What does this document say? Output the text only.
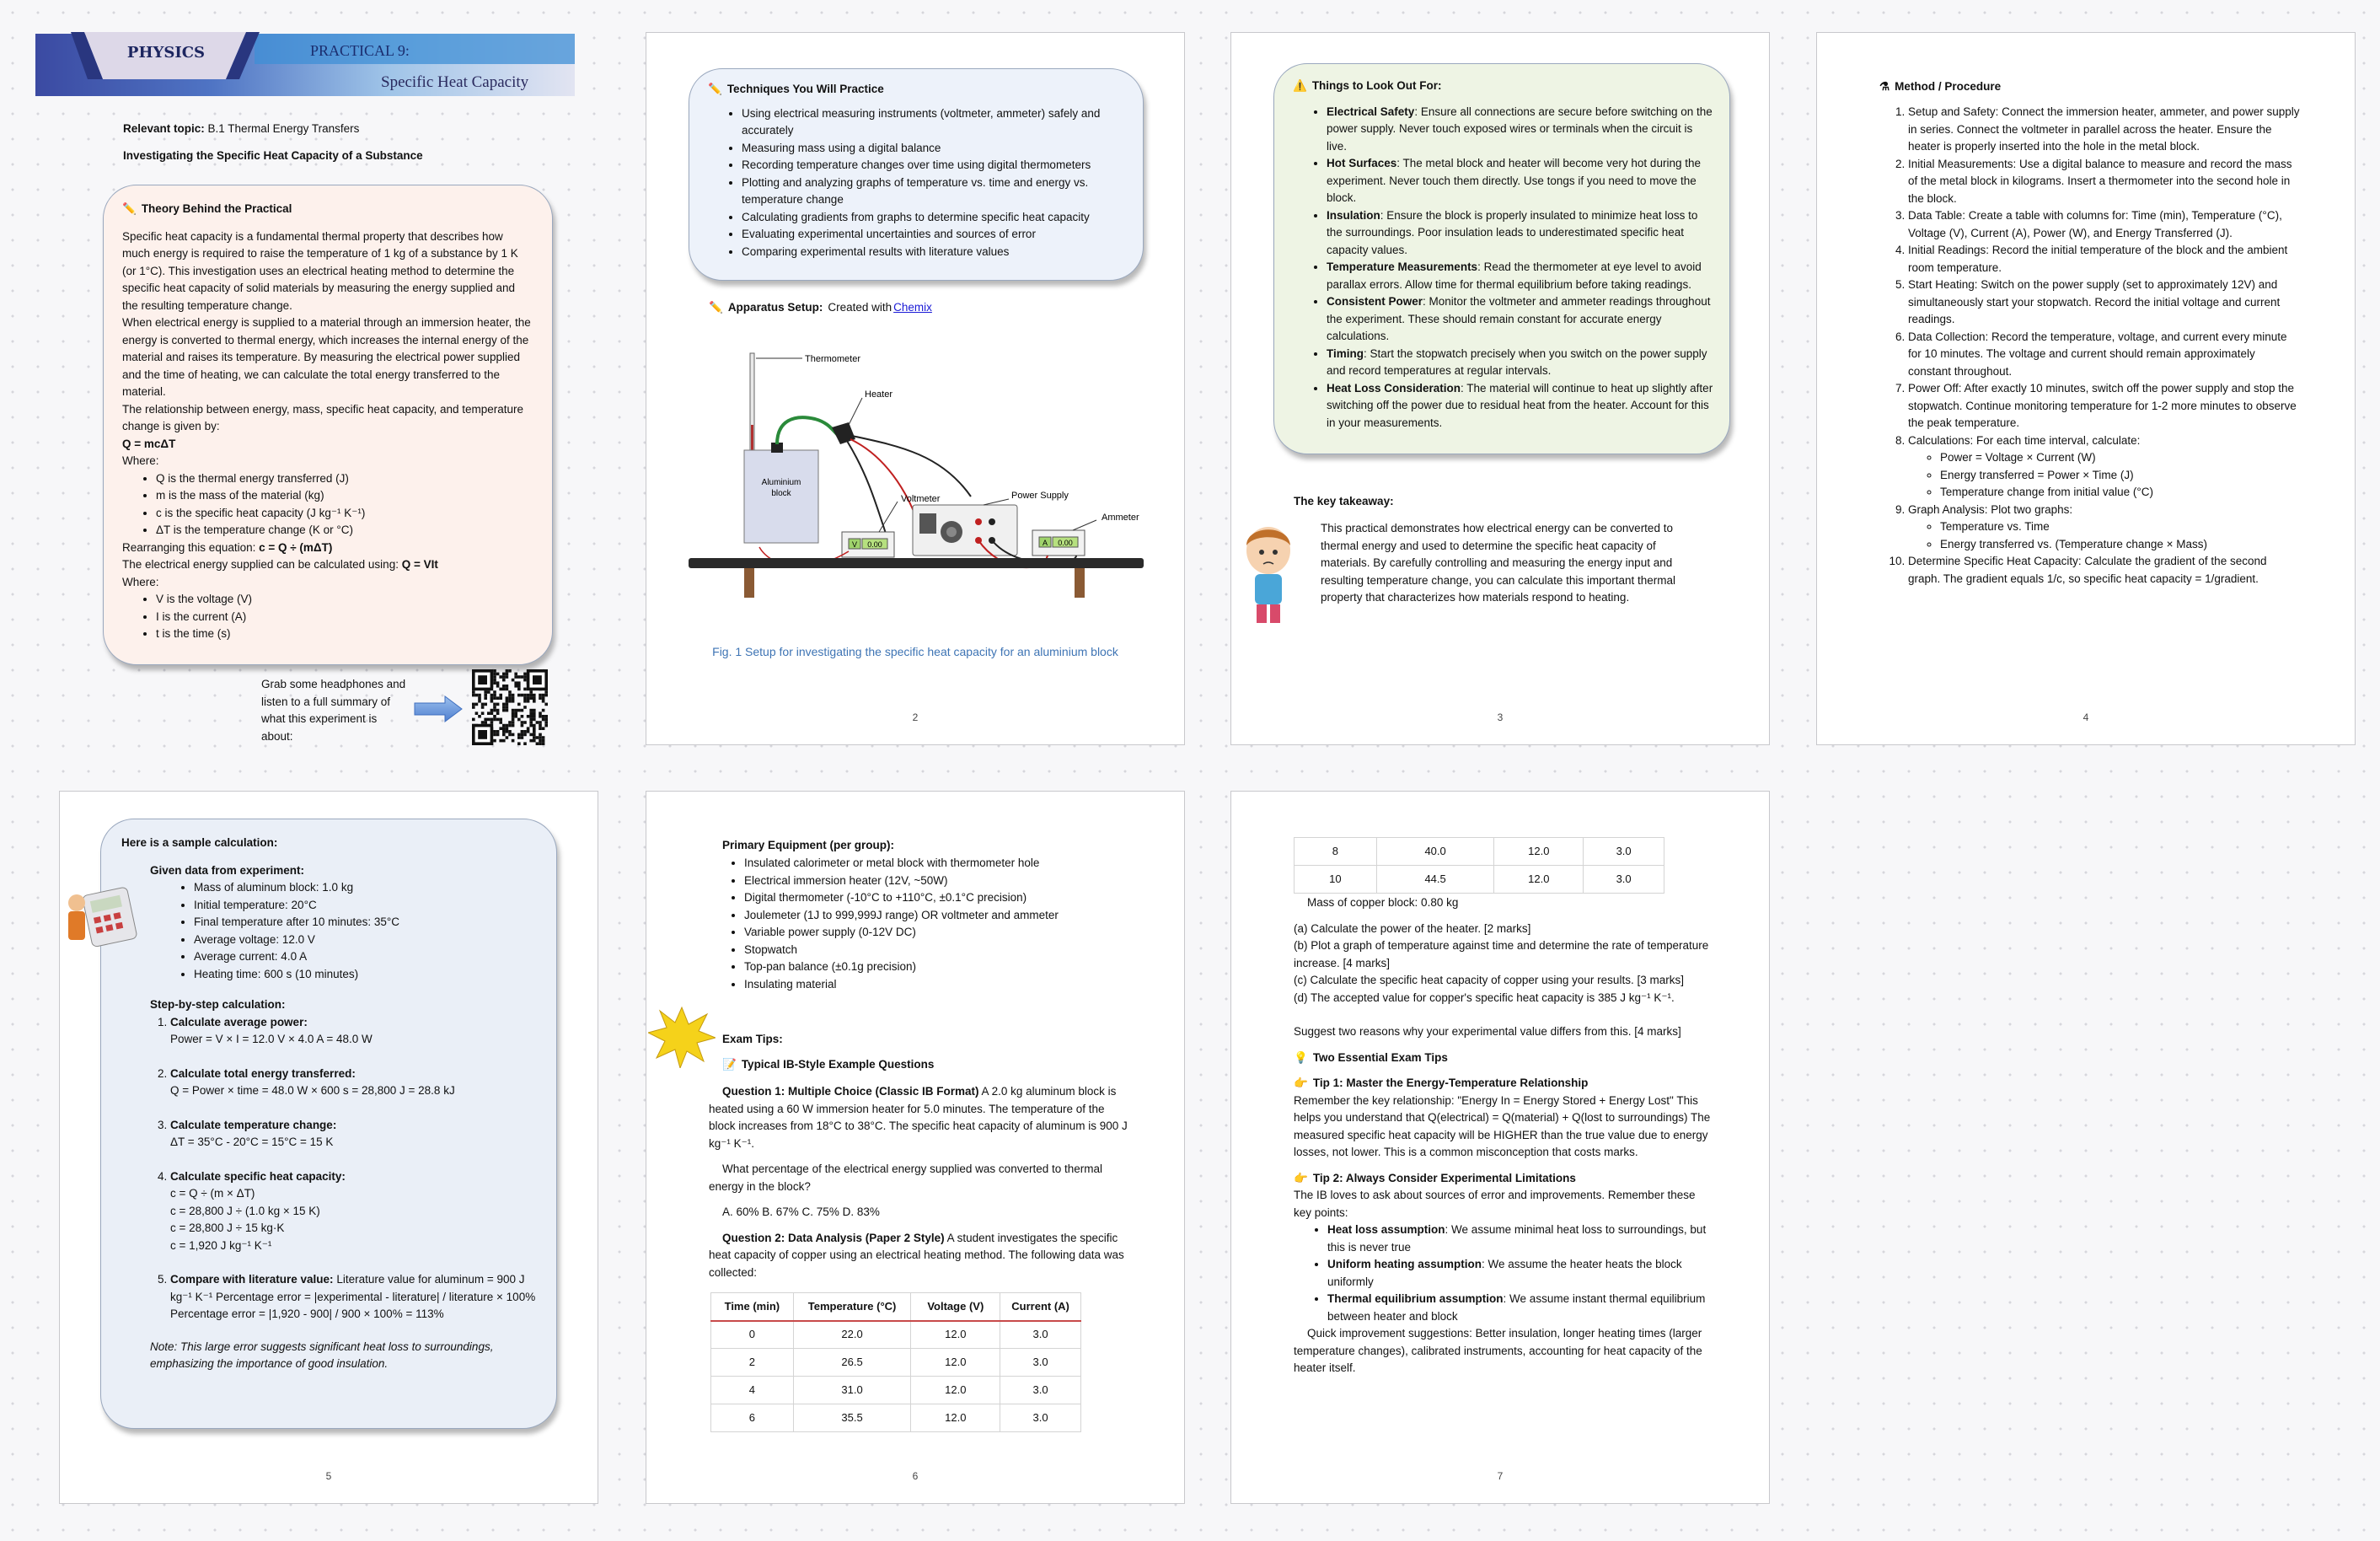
PHYSICS	PRACTICAL 9:
Specific Heat Capacity
Relevant topic: B.1 Thermal Energy Transfers
Investigating the Specific Heat Capacity of a Substance
✏️ Theory Behind the Practical
Specific heat capacity is a fundamental thermal property that describes how much energy is required to raise the temperature of 1 kg of a substance by 1 K (or 1°C). This investigation uses an electrical heating method to determine the specific heat capacity of solid materials by measuring the energy supplied and the resulting temperature change.
When electrical energy is supplied to a material through an immersion heater, the energy is converted to thermal energy, which increases the internal energy of the material and raises its temperature. By measuring the electrical power supplied and the time of heating, we can calculate the total energy transferred to the material.
The relationship between energy, mass, specific heat capacity, and temperature change is given by:
Q = mcΔT
Where:
• Q is the thermal energy transferred (J)
• m is the mass of the material (kg)
• c is the specific heat capacity (J kg⁻¹ K⁻¹)
• ΔT is the temperature change (K or °C)
Rearranging this equation: c = Q ÷ (mΔT)
The electrical energy supplied can be calculated using: Q = VIt
Where:
• V is the voltage (V)
• I is the current (A)
• t is the time (s)
Grab some headphones and listen to a full summary of what this experiment is about:
✏️ Techniques You Will Practice
• Using electrical measuring instruments (voltmeter, ammeter) safely and accurately
• Measuring mass using a digital balance
• Recording temperature changes over time using digital thermometers
• Plotting and analyzing graphs of temperature vs. time and energy vs. temperature change
• Calculating gradients from graphs to determine specific heat capacity
• Evaluating experimental uncertainties and sources of error
• Comparing experimental results with literature values
✏️ Apparatus Setup: Created with Chemix
Thermometer
Aluminium
block
Heater
V 0.00
Voltmeter	Power Supply
A 0.00
Ammeter
Fig. 1 Setup for investigating the specific heat capacity for an aluminium block
2
⚠️ Things to Look Out For:
• Electrical Safety: Ensure all connections are secure before switching on the power supply. Never touch exposed wires or terminals when the circuit is live.
• Hot Surfaces: The metal block and heater will become very hot during the experiment. Never touch them directly. Use tongs if you need to move the block.
• Insulation: Ensure the block is properly insulated to minimize heat loss to the surroundings. Poor insulation leads to underestimated specific heat capacity values.
• Temperature Measurements: Read the thermometer at eye level to avoid parallax errors. Allow time for thermal equilibrium before taking readings.
• Consistent Power: Monitor the voltmeter and ammeter readings throughout the experiment. These should remain constant for accurate energy calculations.
• Timing: Start the stopwatch precisely when you switch on the power supply and record temperatures at regular intervals.
• Heat Loss Consideration: The material will continue to heat up slightly after switching off the power due to residual heat from the heater. Account for this in your measurements.
The key takeaway:
This practical demonstrates how electrical energy can be converted to thermal energy and used to determine the specific heat capacity of materials. By carefully controlling and measuring the energy input and resulting temperature change, you can calculate this important thermal property that characterizes how materials respond to heating.
3
⚗ Method / Procedure
1. Setup and Safety: Connect the immersion heater, ammeter, and power supply in series. Connect the voltmeter in parallel across the heater. Ensure the heater is properly inserted into the hole in the metal block.
2. Initial Measurements: Use a digital balance to measure and record the mass of the metal block in kilograms. Insert a thermometer into the second hole in the block.
3. Data Table: Create a table with columns for: Time (min), Temperature (°C), Voltage (V), Current (A), Power (W), and Energy Transferred (J).
4. Initial Readings: Record the initial temperature of the block and the ambient room temperature.
5. Start Heating: Switch on the power supply (set to approximately 12V) and simultaneously start your stopwatch. Record the initial voltage and current readings.
6. Data Collection: Record the temperature, voltage, and current every minute for 10 minutes. The voltage and current should remain approximately constant throughout.
7. Power Off: After exactly 10 minutes, switch off the power supply and stop the stopwatch. Continue monitoring temperature for 1-2 more minutes to observe the peak temperature.
8. Calculations: For each time interval, calculate:
◦ Power = Voltage × Current (W)
◦ Energy transferred = Power × Time (J)
◦ Temperature change from initial value (°C)
9. Graph Analysis: Plot two graphs:
◦ Temperature vs. Time
◦ Energy transferred vs. (Temperature change × Mass)
10. Determine Specific Heat Capacity: Calculate the gradient of the second graph. The gradient equals 1/c, so specific heat capacity = 1/gradient.
4
Here is a sample calculation:
Given data from experiment:
• Mass of aluminum block: 1.0 kg
• Initial temperature: 20°C
• Final temperature after 10 minutes: 35°C
• Average voltage: 12.0 V
• Average current: 4.0 A
• Heating time: 600 s (10 minutes)
Step-by-step calculation:
1. Calculate average power:
Power = V × I = 12.0 V × 4.0 A = 48.0 W
2. Calculate total energy transferred:
Q = Power × time = 48.0 W × 600 s = 28,800 J = 28.8 kJ
3. Calculate temperature change:
ΔT = 35°C - 20°C = 15°C = 15 K
4. Calculate specific heat capacity:
c = Q ÷ (m × ΔT)
c = 28,800 J ÷ (1.0 kg × 15 K)
c = 28,800 J ÷ 15 kg·K
c = 1,920 J kg⁻¹ K⁻¹
5. Compare with literature value: Literature value for aluminum = 900 J kg⁻¹ K⁻¹ Percentage error = |experimental - literature| / literature × 100%
Percentage error = |1,920 - 900| / 900 × 100% = 113%
Note: This large error suggests significant heat loss to surroundings, emphasizing the importance of good insulation.
5
Primary Equipment (per group):
• Insulated calorimeter or metal block with thermometer hole
• Electrical immersion heater (12V, ~50W)
• Digital thermometer (-10°C to +110°C, ±0.1°C precision)
• Joulemeter (1J to 999,999J range) OR voltmeter and ammeter
• Variable power supply (0-12V DC)
• Stopwatch
• Top-pan balance (±0.1g precision)
• Insulating material
Exam Tips:
📝 Typical IB-Style Example Questions
Question 1: Multiple Choice (Classic IB Format) A 2.0 kg aluminum block is heated using a 60 W immersion heater for 5.0 minutes. The temperature of the block increases from 18°C to 38°C. The specific heat capacity of aluminum is 900 J kg⁻¹ K⁻¹.
What percentage of the electrical energy supplied was converted to thermal energy in the block?
A. 60% B. 67% C. 75% D. 83%
Question 2: Data Analysis (Paper 2 Style) A student investigates the specific heat capacity of copper using an electrical heating method. The following data was collected:
Time (min)	Temperature (°C)	Voltage (V)	Current (A)
0	22.0	12.0	3.0
2	26.5	12.0	3.0
4	31.0	12.0	3.0
6	35.5	12.0	3.0
6
8	40.0	12.0	3.0
10	44.5	12.0	3.0
Mass of copper block: 0.80 kg
(a) Calculate the power of the heater. [2 marks]
(b) Plot a graph of temperature against time and determine the rate of temperature increase. [4 marks]
(c) Calculate the specific heat capacity of copper using your results. [3 marks]
(d) The accepted value for copper's specific heat capacity is 385 J kg⁻¹ K⁻¹.
Suggest two reasons why your experimental value differs from this. [4 marks]
💡 Two Essential Exam Tips
👉 Tip 1: Master the Energy-Temperature Relationship
Remember the key relationship: "Energy In = Energy Stored + Energy Lost" This helps you understand that Q(electrical) = Q(material) + Q(lost to surroundings) The measured specific heat capacity will be HIGHER than the true value due to energy losses, not lower. This is a common misconception that costs marks.
👉 Tip 2: Always Consider Experimental Limitations
The IB loves to ask about sources of error and improvements. Remember these key points:
• Heat loss assumption: We assume minimal heat loss to surroundings, but this is never true
• Uniform heating assumption: We assume the heater heats the block uniformly
• Thermal equilibrium assumption: We assume instant thermal equilibrium between heater and block
Quick improvement suggestions: Better insulation, longer heating times (larger temperature changes), calibrated instruments, accounting for heat capacity of the heater itself.
7
